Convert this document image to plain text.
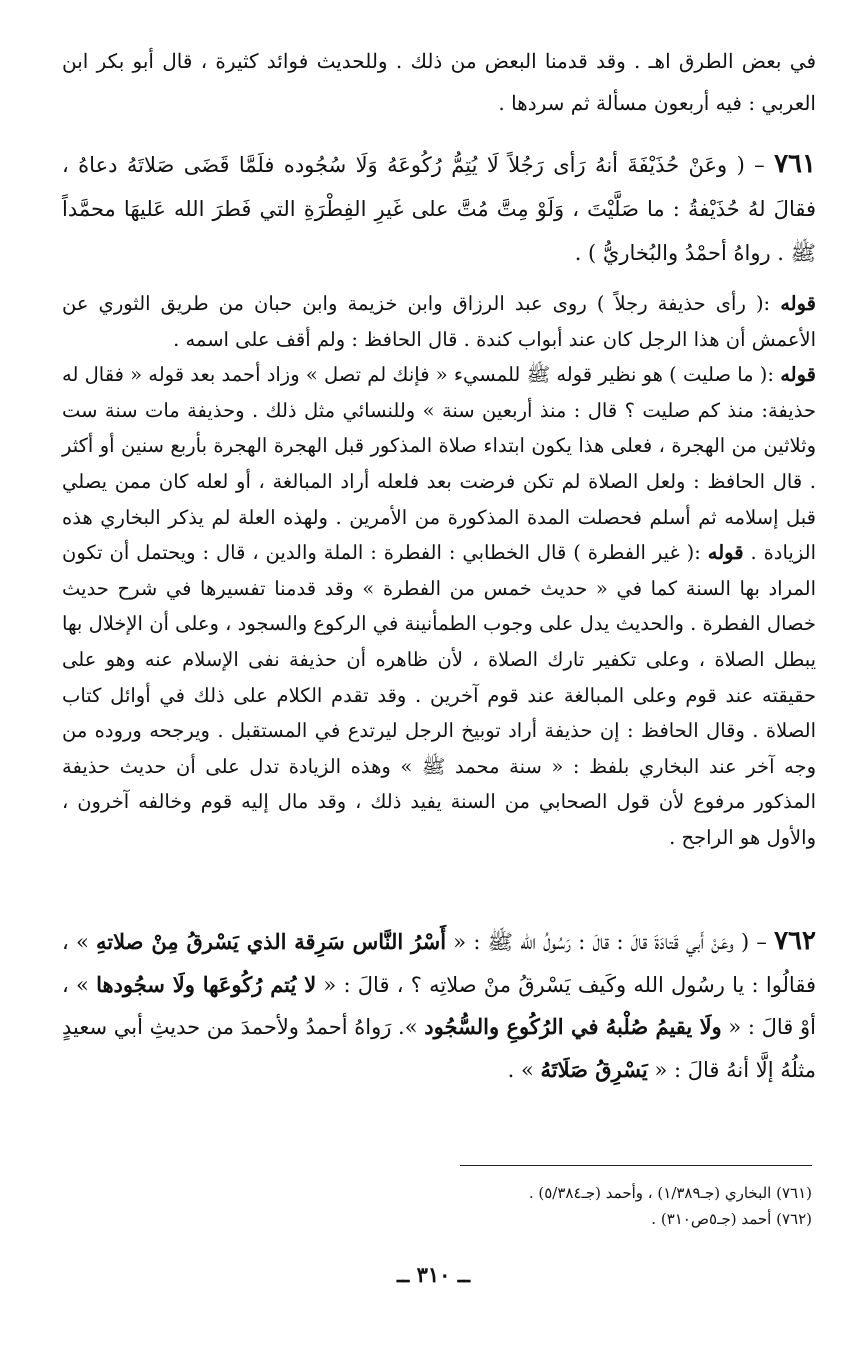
في بعض الطرق اهـ . وقد قدمنا البعض من ذلك . وللحديث فوائد كثيرة ، قال أبو بكر ابن العربي : فيه أربعون مسألة ثم سردها .
٧٦١ – ( وعَنْ حُذَيْفَةَ أنهُ رَأى رَجُلاً لَا يُتِمُّ رُكُوعَهُ وَلَا سُجُوده فلَمَّا قَضَى صَلاتَهُ دعاهُ ، فقالَ لهُ حُذَيْفةُ : ما صَلَّيْتَ ، وَلَوْ مِتَّ مُتَّ على غَيرِ الفِطْرَةِ التي فَطرَ الله عَليهَا محمَّداً ﷺ . رواهُ أحمْدُ والبُخاريُّ ) .
قوله :( رأى حذيفة رجلاً ) روى عبد الرزاق وابن خزيمة وابن حبان من طريق الثوري عن الأعمش أن هذا الرجل كان عند أبواب كندة . قال الحافظ : ولم أقف على اسمه .
قوله :( ما صليت ) هو نظير قوله ﷺ للمسيء « فإنك لم تصل » وزاد أحمد بعد قوله « فقال له حذيفة: منذ كم صليت ؟ قال : منذ أربعين سنة » وللنسائي مثل ذلك . وحذيفة مات سنة ست وثلاثين من الهجرة ، فعلى هذا يكون ابتداء صلاة المذكور قبل الهجرة الهجرة بأربع سنين أو أكثر . قال الحافظ : ولعل الصلاة لم تكن فرضت بعد فلعله أراد المبالغة ، أو لعله كان ممن يصلي قبل إسلامه ثم أسلم فحصلت المدة المذكورة من الأمرين . ولهذه العلة لم يذكر البخاري هذه الزيادة . قوله :( غير الفطرة ) قال الخطابي : الفطرة : الملة والدين ، قال : ويحتمل أن تكون المراد بها السنة كما في « حديث خمس من الفطرة » وقد قدمنا تفسيرها في شرح حديث خصال الفطرة . والحديث يدل على وجوب الطمأنينة في الركوع والسجود ، وعلى أن الإخلال بها يبطل الصلاة ، وعلى تكفير تارك الصلاة ، لأن ظاهره أن حذيفة نفى الإسلام عنه وهو على حقيقته عند قوم وعلى المبالغة عند قوم آخرين . وقد تقدم الكلام على ذلك في أوائل كتاب الصلاة . وقال الحافظ : إن حذيفة أراد توبيخ الرجل ليرتدع في المستقبل . ويرجحه وروده من وجه آخر عند البخاري بلفظ : « سنة محمد ﷺ » وهذه الزيادة تدل على أن حديث حذيفة المذكور مرفوع لأن قول الصحابي من السنة يفيد ذلك ، وقد مال إليه قوم وخالفه آخرون ، والأول هو الراجح .
٧٦٢ – ( وعَنْ أَبي قَتادَةَ قالَ : قالَ : رَسُولُ الله ﷺ : « أَسْرُ النَّاس سَرِقة الذي يَسْرقُ مِنْ صلاتهِ » ، فقالُوا : يا رسُول الله وكَيف يَسْرقُ منْ صلاتِه ؟ ، قالَ : « لا يُتم رُكُوعَها ولَا سجُودها » ، أوْ قالَ : « ولَا يقيمُ صُلْبهُ في الرُكُوعِ والسُّجُود ». رَواهُ أحمدُ ولأحمدَ من حديثِ أبي سعيدٍ مثلُهُ إلَّا أنهُ قالَ : « يَسْرِقُ صَلَاتَهُ » .
(٧٦١) البخاري (جـ١/٣٨٩) ، وأحمد (جـ٥/٣٨٤) .
(٧٦٢) أحمد (جـ٥ص٣١٠) .
ــ ٣١٠ ــ
